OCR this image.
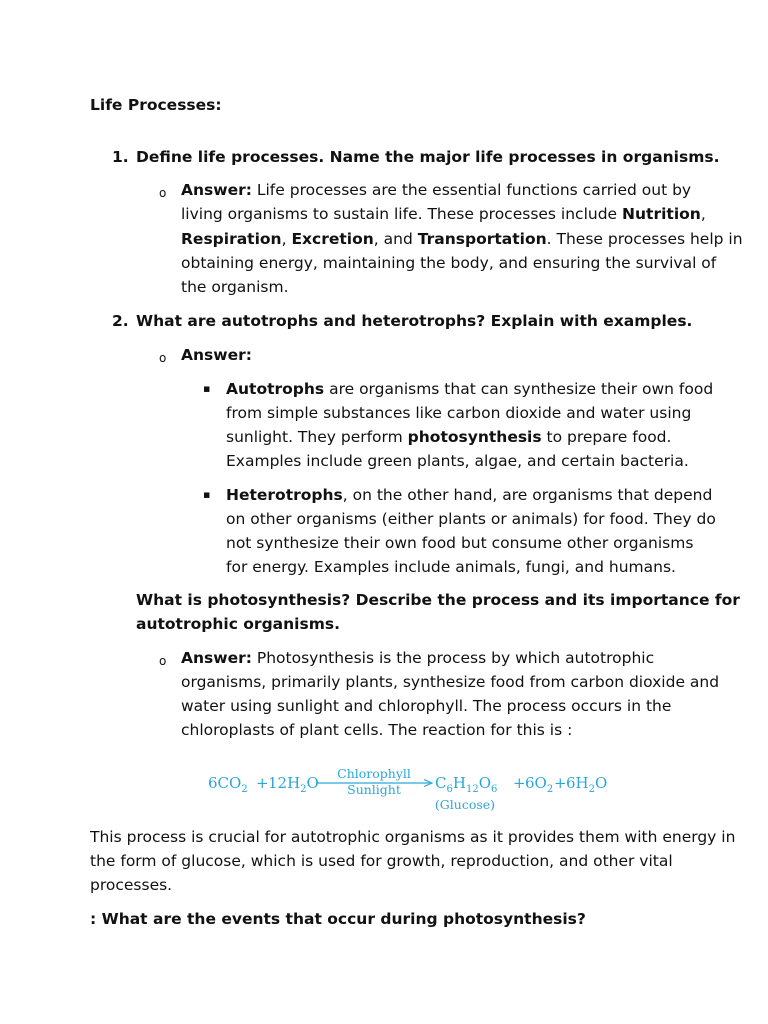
Life Processes:
1. Define life processes. Name the major life processes in organisms.
o Answer: Life processes are the essential functions carried out by
living organisms to sustain life. These processes include Nutrition,
Respiration, Excretion, and Transportation. These processes help in
obtaining energy, maintaining the body, and ensuring the survival of
the organism.
2. What are autotrophs and heterotrophs? Explain with examples.
o Answer:
▪ Autotrophs are organisms that can synthesize their own food
from simple substances like carbon dioxide and water using
sunlight. They perform photosynthesis to prepare food.
Examples include green plants, algae, and certain bacteria.
▪ Heterotrophs, on the other hand, are organisms that depend
on other organisms (either plants or animals) for food. They do
not synthesize their own food but consume other organisms
for energy. Examples include animals, fungi, and humans.
What is photosynthesis? Describe the process and its importance for
autotrophic organisms.
o Answer: Photosynthesis is the process by which autotrophic
organisms, primarily plants, synthesize food from carbon dioxide and
water using sunlight and chlorophyll. The process occurs in the
chloroplasts of plant cells. The reaction for this is :
$6CO_2 + 12H_2O$
Chlorophyll
Sunlight $C_6H_{12}O_6 + 6O_2 + 6H_2O$
(Glucose)
This process is crucial for autotrophic organisms as it provides them with energy in
the form of glucose, which is used for growth, reproduction, and other vital
processes.
: What are the events that occur during photosynthesis?
